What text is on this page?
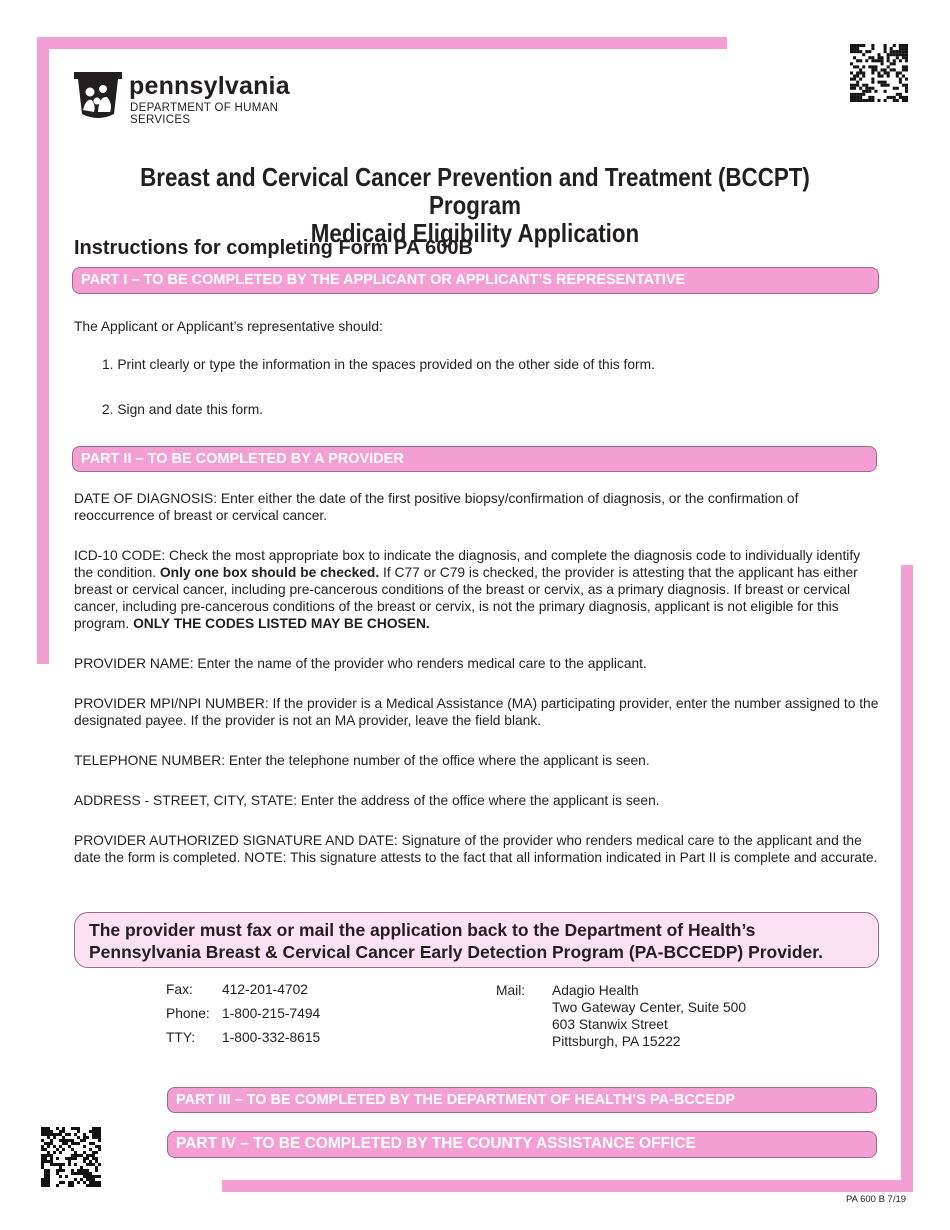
pennsylvania
DEPARTMENT OF HUMAN SERVICES
Breast and Cervical Cancer Prevention and Treatment (BCCPT) Program
Medicaid Eligibility Application
Instructions for completing Form PA 600B
PART I – TO BE COMPLETED BY THE APPLICANT OR APPLICANT’S REPRESENTATIVE
The Applicant or Applicant’s representative should:
1. Print clearly or type the information in the spaces provided on the other side of this form.
2. Sign and date this form.
PART II – TO BE COMPLETED BY A PROVIDER
DATE OF DIAGNOSIS: Enter either the date of the first positive biopsy/confirmation of diagnosis, or the confirmation of reoccurrence of breast or cervical cancer.
ICD-10 CODE: Check the most appropriate box to indicate the diagnosis, and complete the diagnosis code to individually identify the condition. Only one box should be checked. If C77 or C79 is checked, the provider is attesting that the applicant has either breast or cervical cancer, including pre-cancerous conditions of the breast or cervix, as a primary diagnosis. If breast or cervical cancer, including pre-cancerous conditions of the breast or cervix, is not the primary diagnosis, applicant is not eligible for this program. ONLY THE CODES LISTED MAY BE CHOSEN.
PROVIDER NAME: Enter the name of the provider who renders medical care to the applicant.
PROVIDER MPI/NPI NUMBER: If the provider is a Medical Assistance (MA) participating provider, enter the number assigned to the designated payee. If the provider is not an MA provider, leave the field blank.
TELEPHONE NUMBER: Enter the telephone number of the office where the applicant is seen.
ADDRESS - STREET, CITY, STATE: Enter the address of the office where the applicant is seen.
PROVIDER AUTHORIZED SIGNATURE AND DATE: Signature of the provider who renders medical care to the applicant and the date the form is completed. NOTE: This signature attests to the fact that all information indicated in Part II is complete and accurate.
The provider must fax or mail the application back to the Department of Health’s
Pennsylvania Breast & Cervical Cancer Early Detection Program (PA-BCCEDP) Provider.
Fax:
Phone:
TTY:
412-201-4702
1-800-215-7494
1-800-332-8615
Mail: Adagio Health
Two Gateway Center, Suite 500
603 Stanwix Street
Pittsburgh, PA 15222
PART III – TO BE COMPLETED BY THE DEPARTMENT OF HEALTH’S PA-BCCEDP
PART IV – TO BE COMPLETED BY THE COUNTY ASSISTANCE OFFICE
PA 600 B 7/19
